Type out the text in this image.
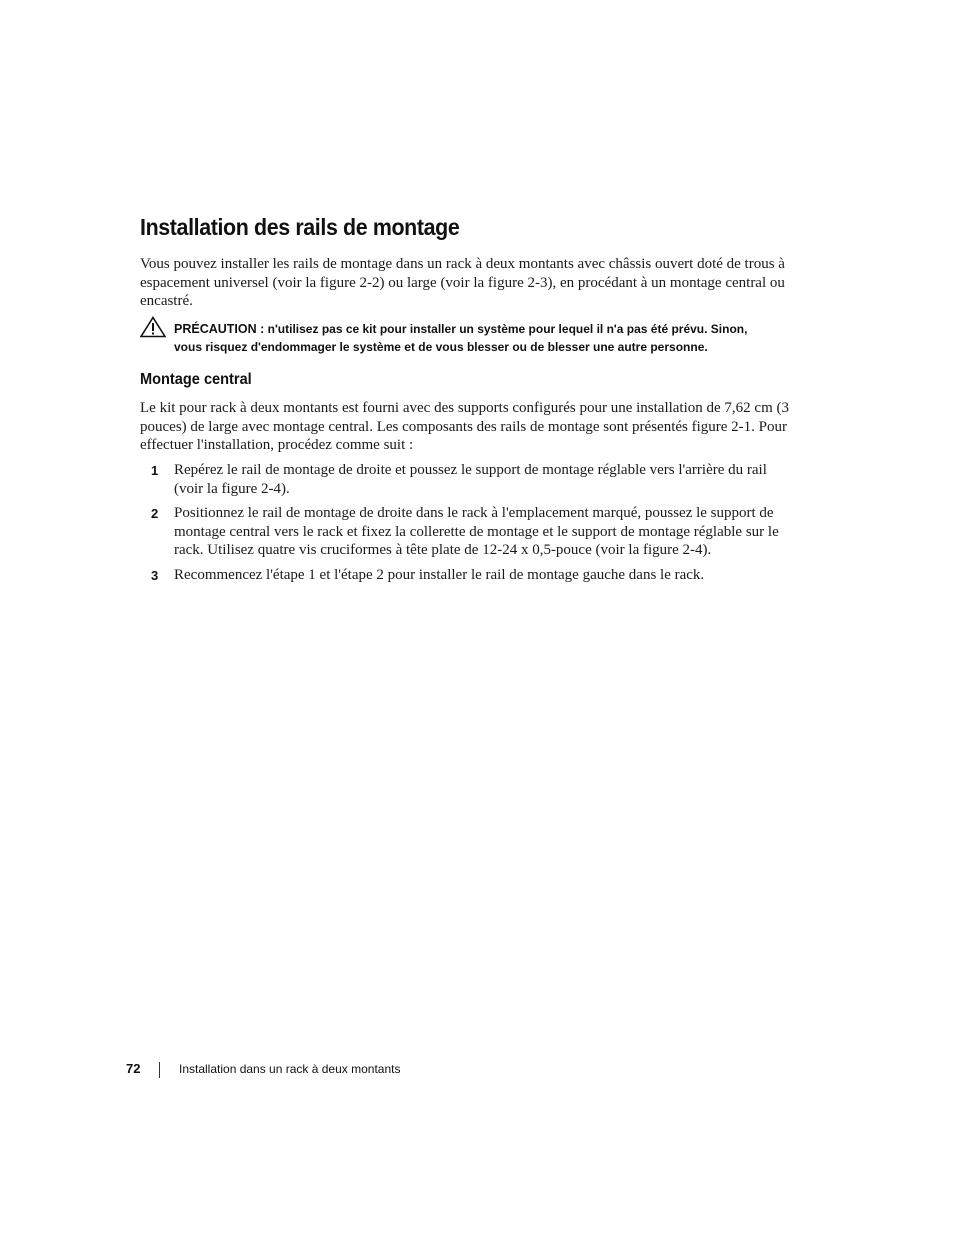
Installation des rails de montage

Vous pouvez installer les rails de montage dans un rack à deux montants avec châssis ouvert doté de trous à espacement universel (voir la figure 2-2) ou large (voir la figure 2-3), en procédant à un montage central ou encastré.

PRÉCAUTION : n'utilisez pas ce kit pour installer un système pour lequel il n'a pas été prévu. Sinon,
vous risquez d'endommager le système et de vous blesser ou de blesser une autre personne.

Montage central

Le kit pour rack à deux montants est fourni avec des supports configurés pour une installation de 7,62 cm (3 pouces) de large avec montage central. Les composants des rails de montage sont présentés figure 2-1. Pour effectuer l'installation, procédez comme suit :

1 Repérez le rail de montage de droite et poussez le support de montage réglable vers l'arrière du rail (voir la figure 2-4).
2 Positionnez le rail de montage de droite dans le rack à l'emplacement marqué, poussez le support de montage central vers le rack et fixez la collerette de montage et le support de montage réglable sur le rack. Utilisez quatre vis cruciformes à tête plate de 12-24 x 0,5-pouce (voir la figure 2-4).
3 Recommencez l'étape 1 et l'étape 2 pour installer le rail de montage gauche dans le rack.
72	Installation dans un rack à deux montants
